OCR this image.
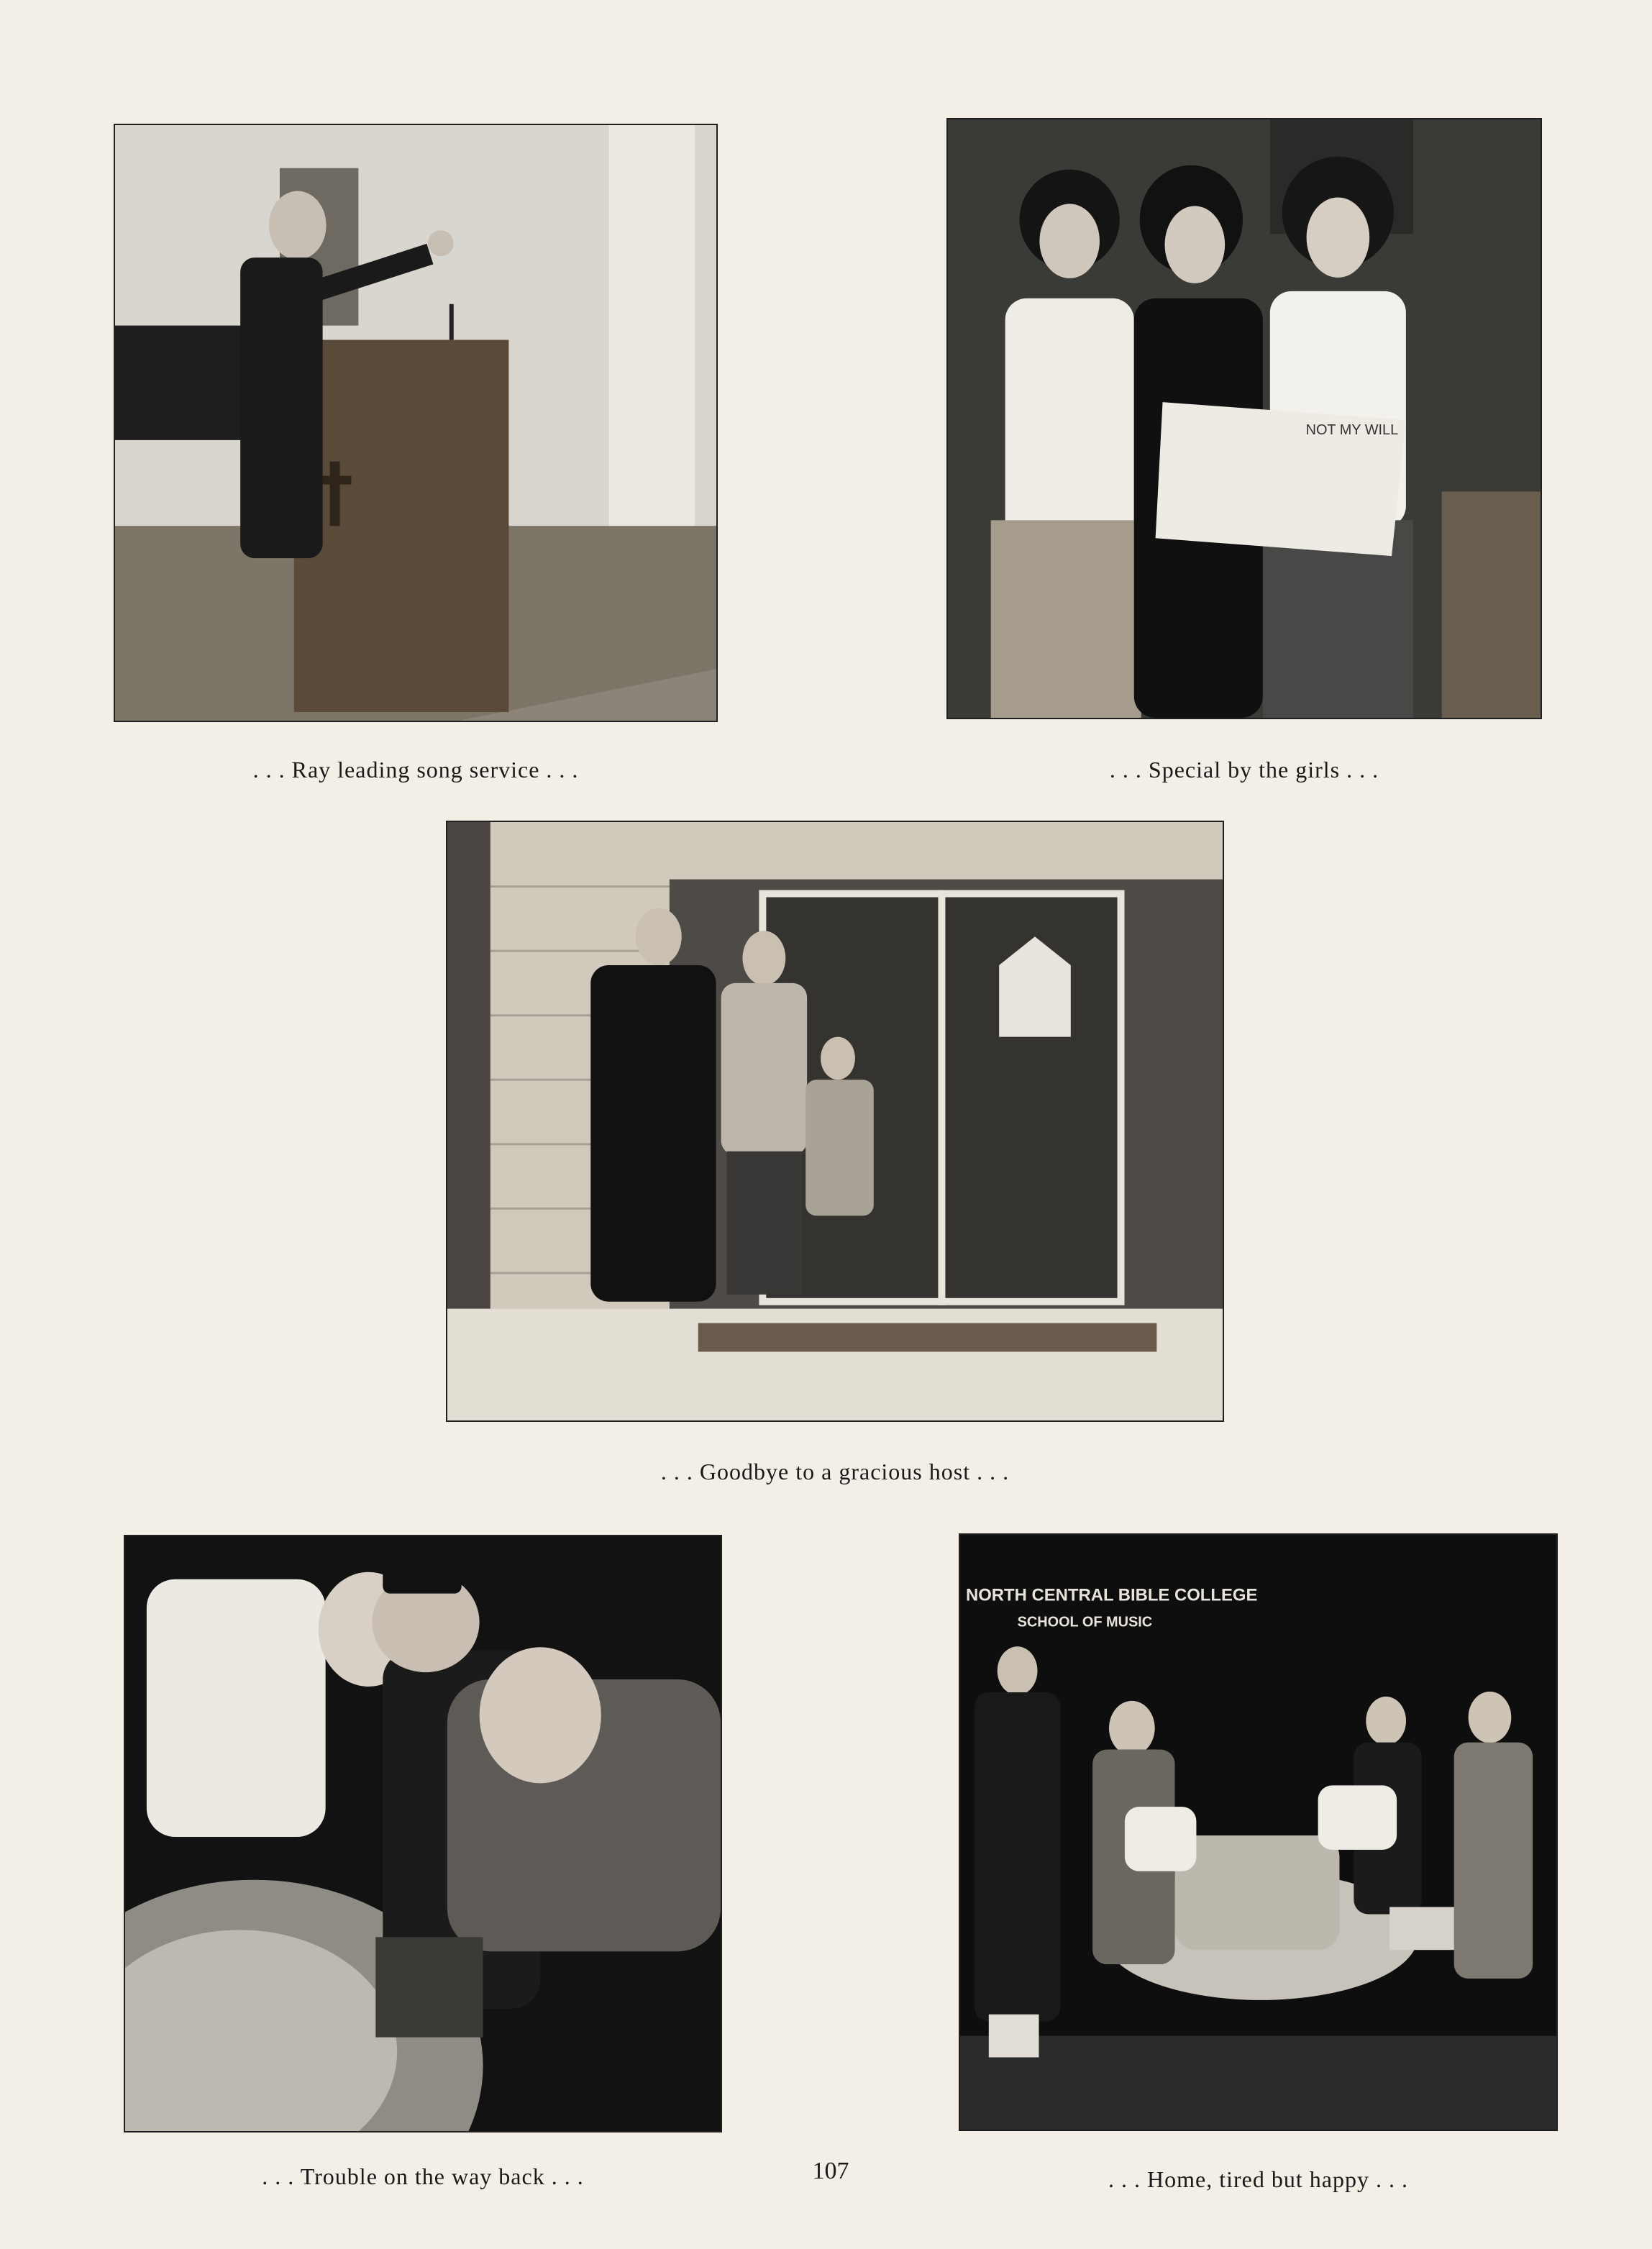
. . . Ray leading song service . . .
NOT MY WILL
. . . Special by the girls . . .
. . . Goodbye to a gracious host . . .
. . . Trouble on the way back . . .
NORTH CENTRAL BIBLE COLLEGE
SCHOOL OF MUSIC
. . . Home, tired but happy . . .
107
